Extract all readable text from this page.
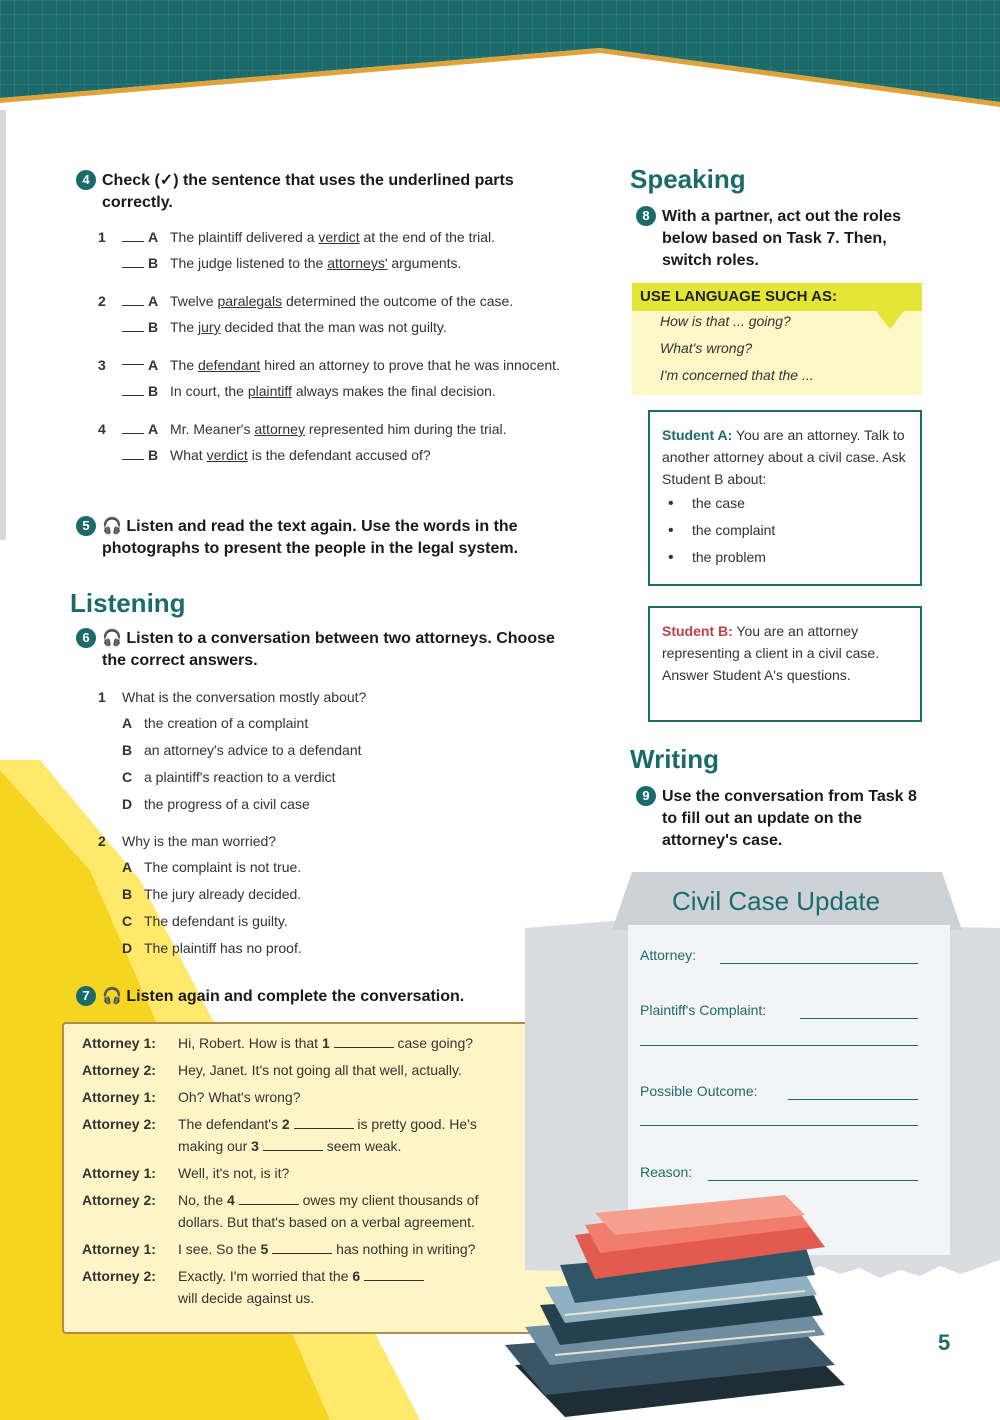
4 Check (✓) the sentence that uses the underlined parts correctly.
1	A The plaintiff delivered a verdict at the end of the trial.
B The judge listened to the attorneys' arguments.
2	A Twelve paralegals determined the outcome of the case.
B The jury decided that the man was not guilty.
3	A The defendant hired an attorney to prove that he was innocent.
B In court, the plaintiff always makes the final decision.
4	A Mr. Meaner's attorney represented him during the trial.
B What verdict is the defendant accused of?
5 🎧 Listen and read the text again. Use the words in the photographs to present the people in the legal system.
Listening
6 🎧 Listen to a conversation between two attorneys. Choose the correct answers.
1 What is the conversation mostly about?
A the creation of a complaint
B an attorney's advice to a defendant
C a plaintiff's reaction to a verdict
D the progress of a civil case
2 Why is the man worried?
A The complaint is not true.
B The jury already decided.
C The defendant is guilty.
D The plaintiff has no proof.
7 🎧 Listen again and complete the conversation.
Attorney 1:	Hi, Robert. How is that 1	case going?
Attorney 2:	Hey, Janet. It's not going all that well, actually.
Attorney 1:	Oh? What's wrong?
Attorney 2:	The defendant's 2	is pretty good. He's
making our 3	seem weak.
Attorney 1:	Well, it's not, is it?
Attorney 2:	No, the 4	owes my client thousands of
dollars. But that's based on a verbal agreement.
Attorney 1:	I see. So the 5	has nothing in writing?
Attorney 2:	Exactly. I'm worried that the 6
will decide against us.
Speaking
8 With a partner, act out the roles below based on Task 7. Then, switch roles.
USE LANGUAGE SUCH AS:
How is that ... going?
What's wrong?
I'm concerned that the ...
Student A: You are an attorney. Talk to another attorney about a civil case. Ask Student B about:
• the case
• the complaint
• the problem
Student B: You are an attorney representing a client in a civil case. Answer Student A's questions.
Writing
9 Use the conversation from Task 8 to fill out an update on the attorney's case.
Civil Case Update
Attorney:
Plaintiff's Complaint:
Possible Outcome:
Reason:
5
